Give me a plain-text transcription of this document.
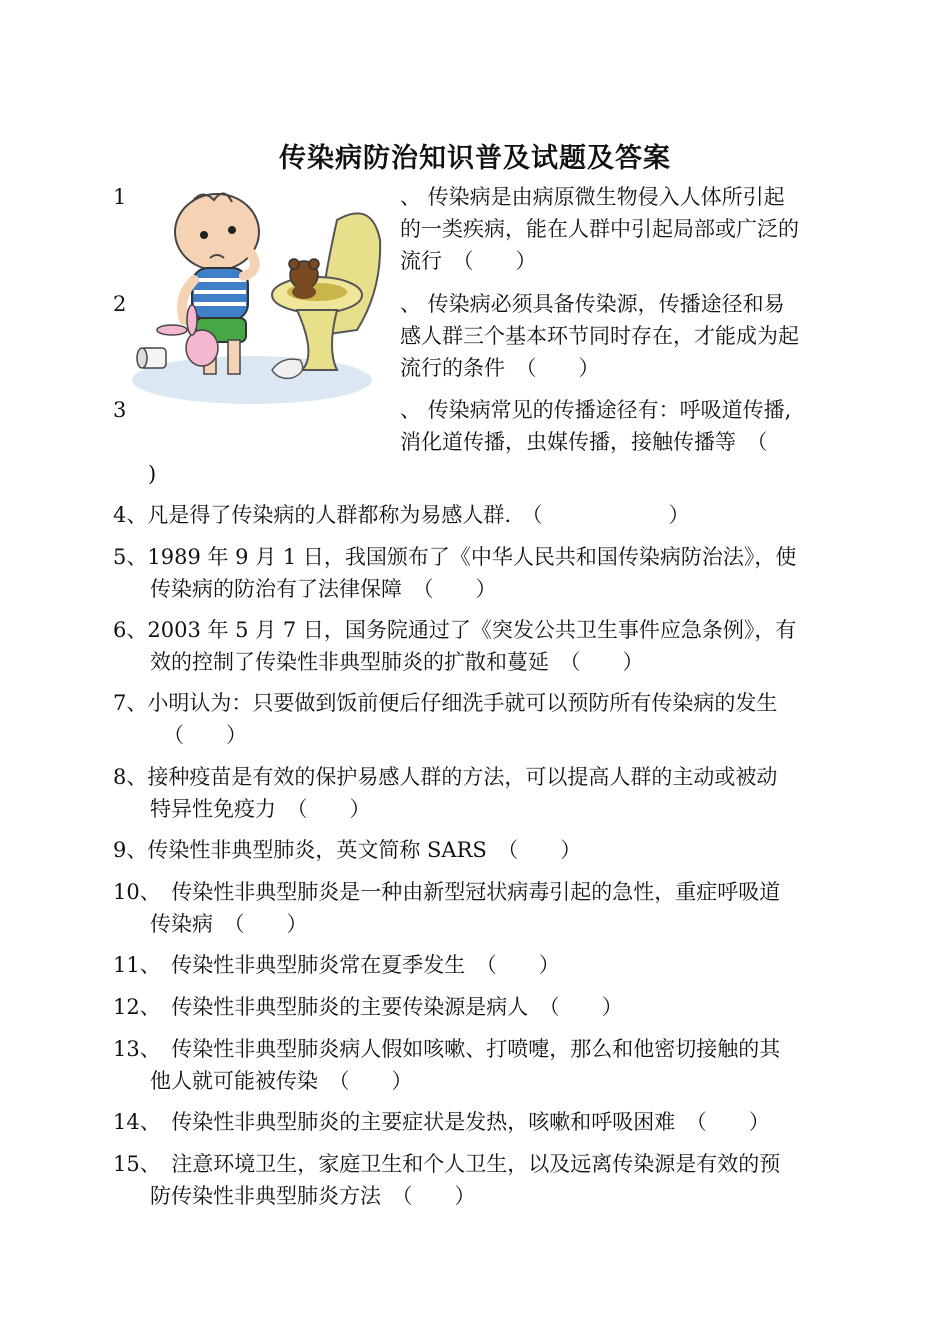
传染病防治知识普及试题及答案
1	、 传染病是由病原微生物侵入人体所引起
的一类疾病，能在人群中引起局部或广泛的
流行　（　　）
2	、 传染病必须具备传染源，传播途径和易
感人群三个基本环节同时存在，才能成为起
流行的条件　（　　）
3	、 传染病常见的传播途径有：呼吸道传播,
消化道传播，虫媒传播，接触传播等　（
)
4、凡是得了传染病的人群都称为易感人群.　（　　　　　　）
5、1989 年 9 月 1 日，我国颁布了《中华人民共和国传染病防治法》，使
传染病的防治有了法律保障　（　　）
6、2003 年 5 月 7 日，国务院通过了《突发公共卫生事件应急条例》，有
效的控制了传染性非典型肺炎的扩散和蔓延　（　　）
7、小明认为：只要做到饭前便后仔细洗手就可以预防所有传染病的发生
（　　）
8、接种疫苗是有效的保护易感人群的方法，可以提高人群的主动或被动
特异性免疫力　（　　）
9、传染性非典型肺炎，英文简称 SARS　（　　）
10、　传染性非典型肺炎是一种由新型冠状病毒引起的急性，重症呼吸道
传染病　（　　）
11、　传染性非典型肺炎常在夏季发生　（　　）
12、　传染性非典型肺炎的主要传染源是病人　（　　）
13、　传染性非典型肺炎病人假如咳嗽、打喷嚏，那么和他密切接触的其
他人就可能被传染　（　　）
14、　传染性非典型肺炎的主要症状是发热，咳嗽和呼吸困难　（　　）
15、　注意环境卫生，家庭卫生和个人卫生，以及远离传染源是有效的预
防传染性非典型肺炎方法　（　　）
